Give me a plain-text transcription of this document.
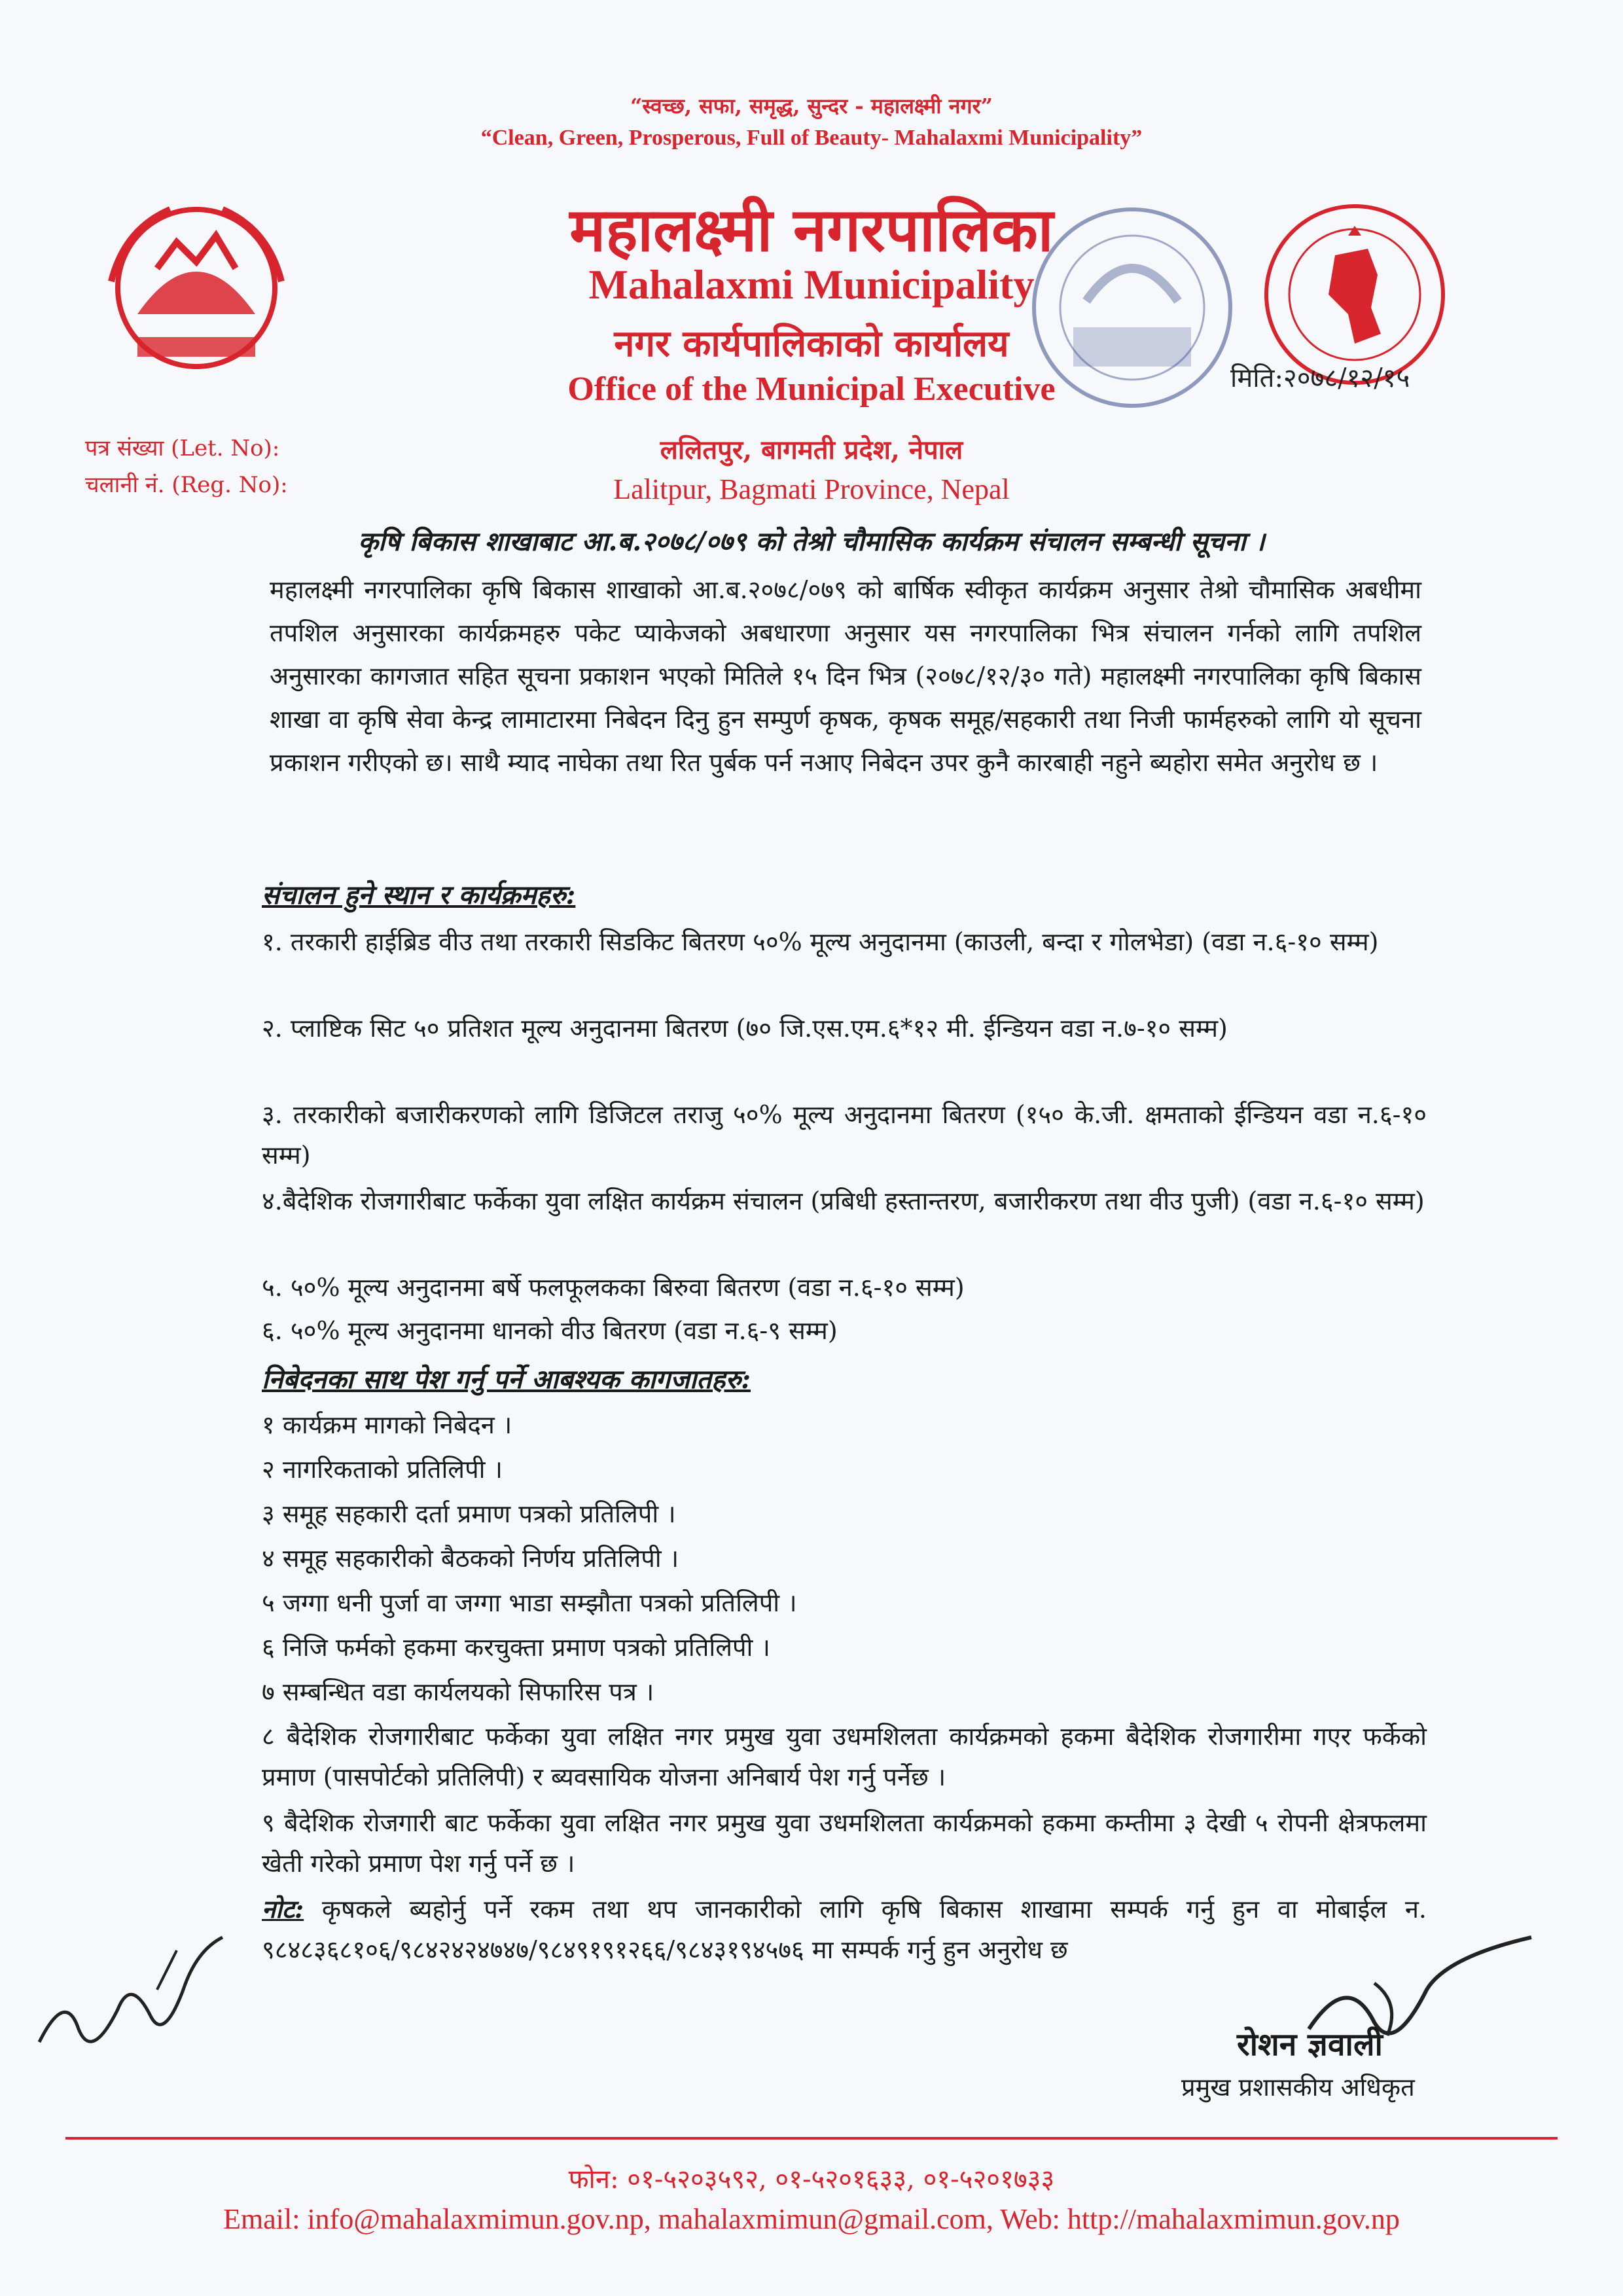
“स्वच्छ, सफा, समृद्ध, सुन्दर - महालक्ष्मी नगर”
“Clean, Green, Prosperous, Full of Beauty- Mahalaxmi Municipality”
महालक्ष्मी नगरपालिका
Mahalaxmi Municipality
नगर कार्यपालिकाको कार्यालय
Office of the Municipal Executive
ललितपुर, बागमती प्रदेश, नेपाल
Lalitpur, Bagmati Province, Nepal
पत्र संख्या (Let. No):
चलानी नं. (Reg. No):
मिति:२०७८/१२/१५
कृषि बिकास शाखाबाट आ.ब.२०७८/०७९ को तेश्रो चौमासिक कार्यक्रम संचालन सम्बन्धी सूचना ।
महालक्ष्मी नगरपालिका कृषि बिकास शाखाको आ.ब.२०७८/०७९ को बार्षिक स्वीकृत कार्यक्रम अनुसार तेश्रो चौमासिक अबधीमा तपशिल अनुसारका कार्यक्रमहरु पकेट प्याकेजको अबधारणा अनुसार यस नगरपालिका भित्र संचालन गर्नको लागि तपशिल अनुसारका कागजात सहित सूचना प्रकाशन भएको मितिले १५ दिन भित्र (२०७८/१२/३० गते) महालक्ष्मी नगरपालिका कृषि बिकास शाखा वा कृषि सेवा केन्द्र लामाटारमा निबेदन दिनु हुन सम्पुर्ण कृषक, कृषक समूह/सहकारी तथा निजी फार्महरुको लागि यो सूचना प्रकाशन गरीएको छ। साथै म्याद नाघेका तथा रित पुर्बक पर्न नआए निबेदन उपर कुनै कारबाही नहुने ब्यहोरा समेत अनुरोध छ ।
संचालन हुने स्थान र कार्यक्रमहरु:
१. तरकारी हाईब्रिड वीउ तथा तरकारी सिडकिट बितरण ५०% मूल्य अनुदानमा (काउली, बन्दा र गोलभेडा) (वडा न.६-१० सम्म)
२. प्लाष्टिक सिट ५० प्रतिशत मूल्य अनुदानमा बितरण (७० जि.एस.एम.६*१२ मी. ईन्डियन वडा न.७-१० सम्म)
३. तरकारीको बजारीकरणको लागि डिजिटल तराजु ५०% मूल्य अनुदानमा बितरण (१५० के.जी. क्षमताको ईन्डियन वडा न.६-१० सम्म)
४.बैदेशिक रोजगारीबाट फर्केका युवा लक्षित कार्यक्रम संचालन (प्रबिधी हस्तान्तरण, बजारीकरण तथा वीउ पुजी) (वडा न.६-१० सम्म)
५. ५०% मूल्य अनुदानमा बर्षे फलफूलकका बिरुवा बितरण (वडा न.६-१० सम्म)
६. ५०% मूल्य अनुदानमा धानको वीउ बितरण (वडा न.६-९ सम्म)
निबेदनका साथ पेश गर्नु पर्ने आबश्यक कागजातहरु:
१ कार्यक्रम मागको निबेदन ।
२ नागरिकताको प्रतिलिपी ।
३ समूह सहकारी दर्ता प्रमाण पत्रको प्रतिलिपी ।
४ समूह सहकारीको बैठकको निर्णय प्रतिलिपी ।
५ जग्गा धनी पुर्जा वा जग्गा भाडा सम्झौता पत्रको प्रतिलिपी ।
६ निजि फर्मको हकमा करचुक्ता प्रमाण पत्रको प्रतिलिपी ।
७ सम्बन्धित वडा कार्यलयको सिफारिस पत्र ।
८ बैदेशिक रोजगारीबाट फर्केका युवा लक्षित नगर प्रमुख युवा उधमशिलता कार्यक्रमको हकमा बैदेशिक रोजगारीमा गएर फर्केको प्रमाण (पासपोर्टको प्रतिलिपी) र ब्यवसायिक योजना अनिबार्य पेश गर्नु पर्नेछ ।
९ बैदेशिक रोजगारी बाट फर्केका युवा लक्षित नगर प्रमुख युवा उधमशिलता कार्यक्रमको हकमा कम्तीमा ३ देखी ५ रोपनी क्षेत्रफलमा खेती गरेको प्रमाण पेश गर्नु पर्ने छ ।
नोट: कृषकले ब्यहोर्नु पर्ने रकम तथा थप जानकारीको लागि कृषि बिकास शाखामा सम्पर्क गर्नु हुन वा मोबाईल न. ९८४८३६८१०६/९८४२४२४७४७/९८४९१९१२६६/९८४३१९४५७६ मा सम्पर्क गर्नु हुन अनुरोध छ
रोशन ज्ञवाली
प्रमुख प्रशासकीय अधिकृत
फोन: ०१-५२०३५९२, ०१-५२०१६३३, ०१-५२०१७३३
Email: info@mahalaxmimun.gov.np, mahalaxmimun@gmail.com, Web: http://mahalaxmimun.gov.np
